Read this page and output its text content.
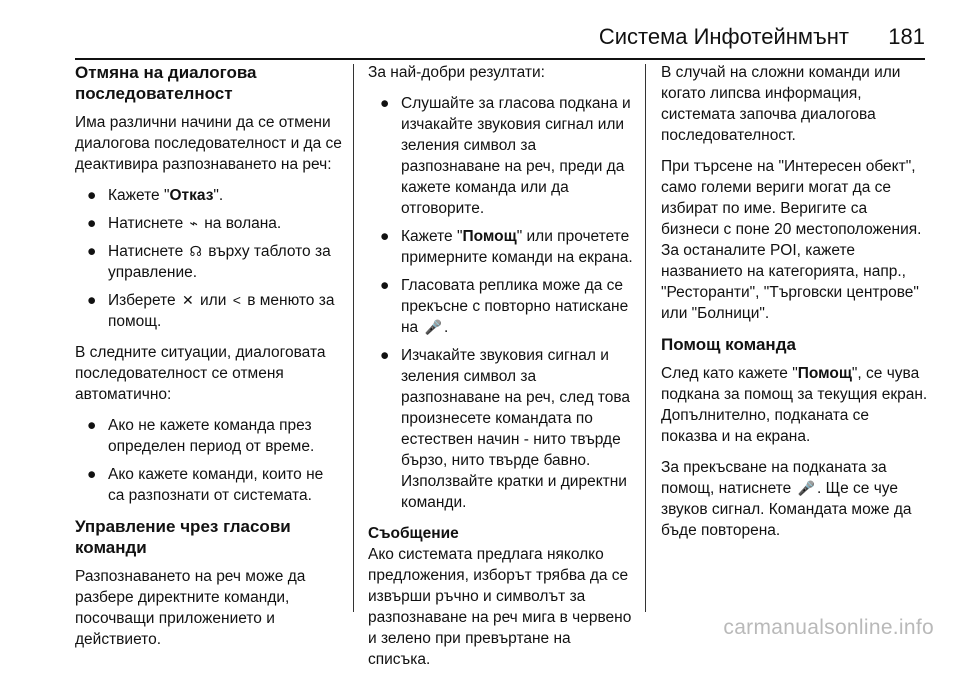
Система Инфотейнмънт 181
Отмяна на диалогова последователност

Има различни начини да се отмени диалогова последователност и да се деактивира разпознаването на реч:

● Кажете "Отказ".
● Натиснете ⌁ на волана.
● Натиснете ☊ върху таблото за управление.
● Изберете ✕ или < в менюто за помощ.

В следните ситуации, диалоговата последователност се отменя автоматично:

● Ако не кажете команда през определен период от време.
● Ако кажете команди, които не са разпознати от системата.
Управление чрез гласови команди

Разпознаването на реч може да разбере директните команди, посочващи приложението и действието.

За най-добри резултати:

● Слушайте за гласова подкана и изчакайте звуковия сигнал или зеления символ за разпознаване на реч, преди да кажете команда или да отговорите.
● Кажете "Помощ" или прочетете примерните команди на екрана.
● Гласовата реплика може да се прекъсне с повторно натискане на 🎤 .
● Изчакайте звуковия сигнал и зеления символ за разпознаване на реч, след това произнесете командата по естествен начин - нито твърде бързо, нито твърде бавно. Използвайте кратки и директни команди.

Съобщение

Ако системата предлага няколко предложения, изборът трябва да се извърши ръчно и символът за разпознаване на реч мига в червено и зелено при превъртане на списъка.

В случай на сложни команди или когато липсва информация, системата започва диалогова последователност.

При търсене на "Интересен обект", само големи вериги могат да се избират по име. Веригите са бизнеси с поне 20 местоположения. За останалите POI, кажете названието на категорията, напр., "Ресторанти", "Търговски центрове" или "Болници".

Помощ команда

След като кажете "Помощ", се чува подкана за помощ за текущия екран. Допълнително, подканата се показва и на екрана.

За прекъсване на подканата за помощ, натиснете 🎤 . Ще се чуе звуков сигнал. Командата може да бъде повторена.

carmanualsonline.info
